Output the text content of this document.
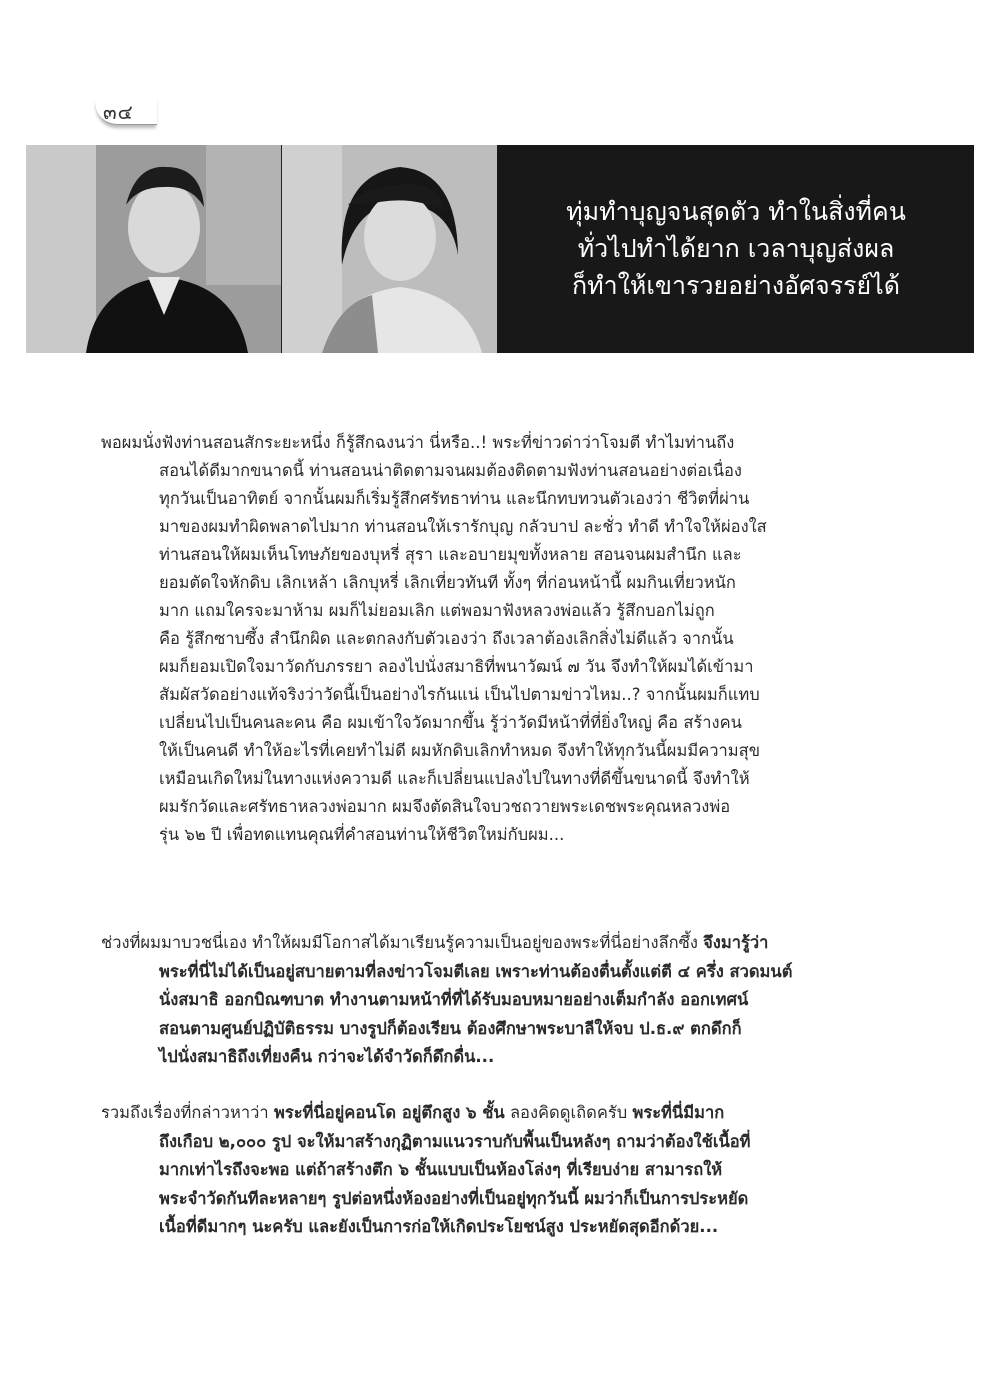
๓๔
ทุ่มทำบุญจนสุดตัว ทำในสิ่งที่คน
ทั่วไปทำได้ยาก เวลาบุญส่งผล
ก็ทำให้เขารวยอย่างอัศจรรย์ได้
พอผมนั่งฟังท่านสอนสักระยะหนึ่ง ก็รู้สึกฉงนว่า นี่หรือ..! พระที่ข่าวด่าว่าโจมตี ทำไมท่านถึง
สอนได้ดีมากขนาดนี้ ท่านสอนน่าติดตามจนผมต้องติดตามฟังท่านสอนอย่างต่อเนื่อง
ทุกวันเป็นอาทิตย์ จากนั้นผมก็เริ่มรู้สึกศรัทธาท่าน และนึกทบทวนตัวเองว่า ชีวิตที่ผ่าน
มาของผมทำผิดพลาดไปมาก ท่านสอนให้เรารักบุญ กลัวบาป ละชั่ว ทำดี ทำใจให้ผ่องใส
ท่านสอนให้ผมเห็นโทษภัยของบุหรี่ สุรา และอบายมุขทั้งหลาย สอนจนผมสำนึก และ
ยอมตัดใจหักดิบ เลิกเหล้า เลิกบุหรี่ เลิกเที่ยวทันที ทั้งๆ ที่ก่อนหน้านี้ ผมกินเที่ยวหนัก
มาก แถมใครจะมาห้าม ผมก็ไม่ยอมเลิก แต่พอมาฟังหลวงพ่อแล้ว รู้สึกบอกไม่ถูก
คือ รู้สึกซาบซึ้ง สำนึกผิด และตกลงกับตัวเองว่า ถึงเวลาต้องเลิกสิ่งไม่ดีแล้ว จากนั้น
ผมก็ยอมเปิดใจมาวัดกับภรรยา ลองไปนั่งสมาธิที่พนาวัฒน์ ๗ วัน จึงทำให้ผมได้เข้ามา
สัมผัสวัดอย่างแท้จริงว่าวัดนี้เป็นอย่างไรกันแน่ เป็นไปตามข่าวไหม..? จากนั้นผมก็แทบ
เปลี่ยนไปเป็นคนละคน คือ ผมเข้าใจวัดมากขึ้น รู้ว่าวัดมีหน้าที่ที่ยิ่งใหญ่ คือ สร้างคน
ให้เป็นคนดี ทำให้อะไรที่เคยทำไม่ดี ผมหักดิบเลิกทำหมด จึงทำให้ทุกวันนี้ผมมีความสุข
เหมือนเกิดใหม่ในทางแห่งความดี และก็เปลี่ยนแปลงไปในทางที่ดีขึ้นขนาดนี้ จึงทำให้
ผมรักวัดและศรัทธาหลวงพ่อมาก ผมจึงตัดสินใจบวชถวายพระเดชพระคุณหลวงพ่อ
รุ่น ๖๒ ปี เพื่อทดแทนคุณที่คำสอนท่านให้ชีวิตใหม่กับผม...
ช่วงที่ผมมาบวชนี่เอง ทำให้ผมมีโอกาสได้มาเรียนรู้ความเป็นอยู่ของพระที่นี่อย่างลึกซึ้ง จึงมารู้ว่า
พระที่นี่ไม่ได้เป็นอยู่สบายตามที่ลงข่าวโจมตีเลย เพราะท่านต้องตื่นตั้งแต่ตี ๔ ครึ่ง สวดมนต์
นั่งสมาธิ ออกบิณฑบาต ทำงานตามหน้าที่ที่ได้รับมอบหมายอย่างเต็มกำลัง ออกเทศน์
สอนตามศูนย์ปฏิบัติธรรม บางรูปก็ต้องเรียน ต้องศึกษาพระบาลีให้จบ ป.ธ.๙ ตกดึกก็
ไปนั่งสมาธิถึงเที่ยงคืน กว่าจะได้จำวัดก็ดึกดื่น...
รวมถึงเรื่องที่กล่าวหาว่า พระที่นี่อยู่คอนโด อยู่ตึกสูง ๖ ชั้น ลองคิดดูเถิดครับ พระที่นี่มีมาก
ถึงเกือบ ๒,๐๐๐ รูป จะให้มาสร้างกุฏิตามแนวราบกับพื้นเป็นหลังๆ ถามว่าต้องใช้เนื้อที่
มากเท่าไรถึงจะพอ แต่ถ้าสร้างตึก ๖ ชั้นแบบเป็นห้องโล่งๆ ที่เรียบง่าย สามารถให้
พระจำวัดกันทีละหลายๆ รูปต่อหนึ่งห้องอย่างที่เป็นอยู่ทุกวันนี้ ผมว่าก็เป็นการประหยัด
เนื้อที่ดีมากๆ นะครับ และยังเป็นการก่อให้เกิดประโยชน์สูง ประหยัดสุดอีกด้วย...
